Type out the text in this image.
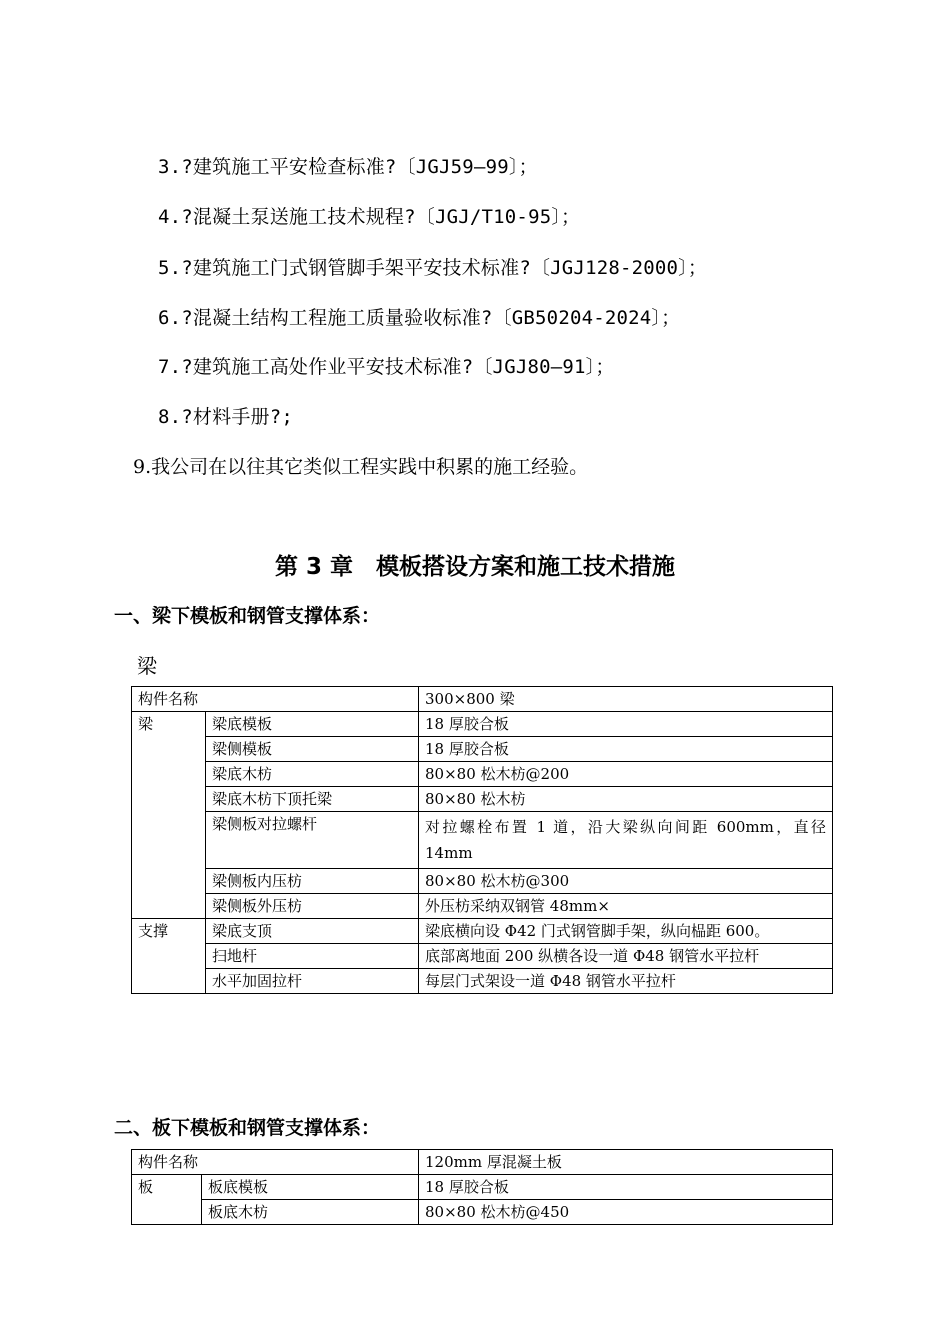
3.?建筑施工平安检查标准?〔JGJ59—99〕；
4.?混凝土泵送施工技术规程?〔JGJ/T10-95〕；
5.?建筑施工门式钢管脚手架平安技术标准?〔JGJ128-2000〕；
6.?混凝土结构工程施工质量验收标准?〔GB50204-2024〕；
7.?建筑施工高处作业平安技术标准?〔JGJ80—91〕；
8.?材料手册?;
9.我公司在以往其它类似工程实践中积累的施工经验。
第 3 章　模板搭设方案和施工技术措施
一、梁下模板和钢管支撑体系：
梁
构件名称		300×800 梁
梁	梁底模板	18 厚胶合板
	梁侧模板	18 厚胶合板
	梁底木枋	80×80 松木枋@200
	梁底木枋下顶托梁	80×80 松木枋
	梁侧板对拉螺杆	对拉螺栓布置 1 道，沿大梁纵向间距 600mm，直径 14mm
	梁侧板内压枋	80×80 松木枋@300
	梁侧板外压枋	外压枋采纳双钢管 48mm×
支撑	梁底支顶	梁底横向设 Φ42 门式钢管脚手架，纵向榀距 600。
	扫地杆	底部离地面 200 纵横各设一道 Φ48 钢管水平拉杆
	水平加固拉杆	每层门式架设一道 Φ48 钢管水平拉杆
二、板下模板和钢管支撑体系：
构件名称		120mm 厚混凝土板
板	板底模板	18 厚胶合板
	板底木枋	80×80 松木枋@450
